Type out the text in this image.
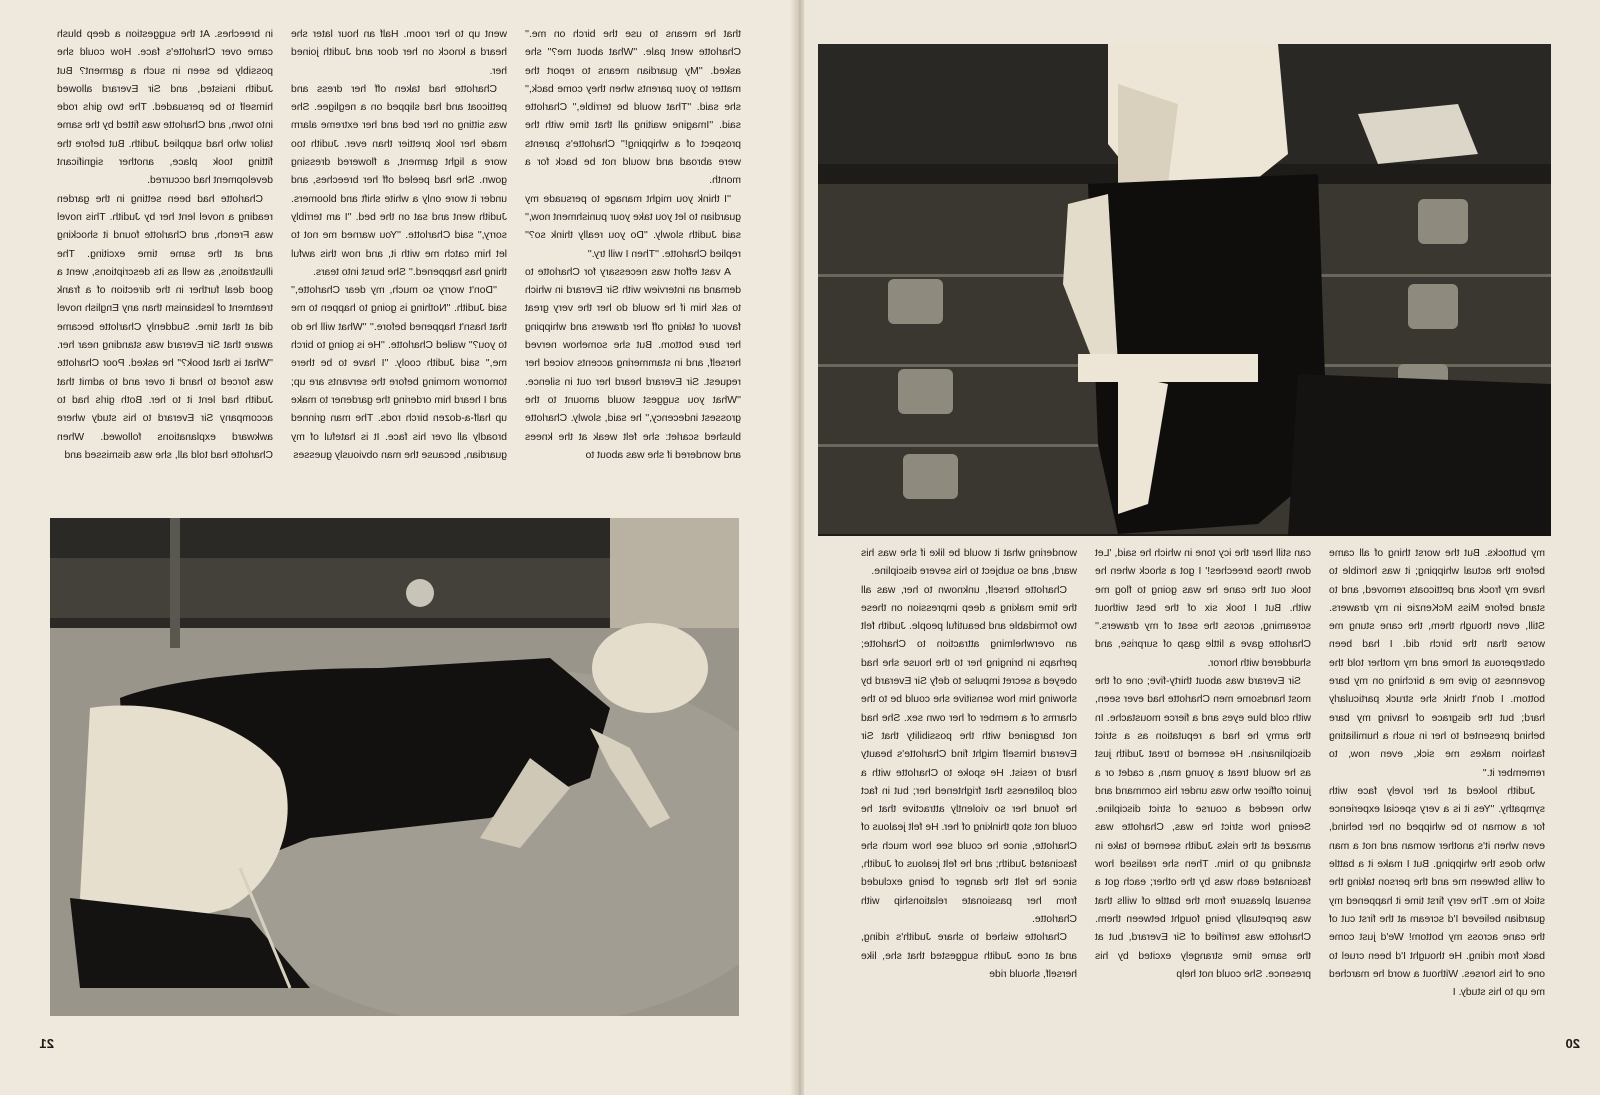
that he means to use the birch on me.'' Charlotte went pale. ''What about me?'' she asked. ''My guardian means to report the matter to your parents when they come back,'' she said. ''That would be terrible,'' Charlotte said. ''Imagine waiting all that time with the prospect of a whipping!'' Charlotte's parents were abroad and would not be back for a month.

''I think you might manage to persuade my guardian to let you take your punishment now,'' said Judith slowly. ''Do you really think so?'' replied Charlotte. ''Then I will try.''

A vast effort was necessary for Charlotte to demand an interview with Sir Everard in which to ask him if he would do her the very great favour of taking off her drawers and whipping her bare bottom. But she somehow nerved herself, and in stammering accents voiced her request. Sir Everard heard her out in silence. ''What you suggest would amount to the grossest indecency,'' he said, slowly. Charlotte blushed scarlet: she felt weak at the knees and wondered if she was about to

went up to her room. Half an hour later she heard a knock on her door and Judith joined her.

Charlotte had taken off her dress and petticoat and had slipped on a negligee. She was sitting on her bed and her extreme alarm made her look prettier than ever. Judith too wore a light garment, a flowered dressing gown. She had peeled off her breeches, and under it wore only a white shift and bloomers. Judith went and sat on the bed. ''I am terribly sorry,'' said Charlotte. ''You warned me not to let him catch me with it, and now this awful thing has happened.'' She burst into tears.

''Don't worry so much, my dear Charlotte,'' said Judith. ''Nothing is going to happen to me that hasn't happened before.'' ''What will he do to you?'' wailed Charlotte. ''He is going to birch me,'' said Judith cooly. ''I have to be there tomorrow morning before the servants are up; and I heard him ordering the gardener to make up half-a-dozen birch rods. The man grinned broadly all over his face. It is hateful of my guardian, because the man obviously guesses

in breeches. At the suggestion a deep blush came over Charlotte's face. How could she possibly be seen in such a garment? But Judith insisted, and Sir Everard allowed himself to be persuaded. The two girls rode into town, and Charlotte was fitted by the same tailor who had supplied Judith. But before the fitting took place, another significant development had occurred.

Charlotte had been setting in the garden reading a novel lent her by Judith. This novel was French, and Charlotte found it shocking and at the same time exciting. The illustrations, as well as its descriptions, went a good deal further in the direction of a frank treatment of lesbianism than any English novel did at that time. Suddenly Charlotte became aware that Sir Everard was standing near her. ''What is that book?'' he asked. Poor Charlotte was forced to hand it over and to admit that Judith had lent it to her. Both girls had to accompany Sir Everard to his study where awkward explanations followed. When Charlotte had told all, she was dismissed and

21

my buttocks. But the worst thing of all came before the actual whipping; it was horrible to have my frock and petticoats removed, and to stand before Miss McKenzie in my drawers. Still, even though them, the cane stung me worse than the birch did. I had been obstreperous at home and my mother told the govenness to give me a birching on my bare bottom. I don't think she struck particularly hard; but the disgrace of having my bare behind presented to her in such a humiliating fashion makes me sick, even now, to remember it.''

Judith looked at her lovely face with sympathy. ''Yes it is a very special experience for a woman to be whipped on her behind, even when it's another woman and not a man who does the whipping. But I make it a battle of wills between me and the person taking the stick to me. The very first time it happened my guardian believed I'd scream at the first cut of the cane across my bottom! We'd just come back from riding. He thought I'd been cruel to one of his horses. Without a word he marched me up to his study. I

can still hear the icy tone in which he said, 'Let down those breeches!' I got a shock when he took out the cane he was going to flog me with. But I took six of the best without screaming, across the seat of my drawers.'' Charlotte gave a little gasp of surprise, and shuddered with horror.

Sir Everard was about thirty-five; one of the most handsome men Charlotte had ever seen, with cold blue eyes and a fierce moustache. In the army he had a reputation as a strict disciplinarian. He seemed to treat Judith just as he would treat a young man, a cadet or a junior officer who was under his command and who needed a course of strict discipline. Seeing how strict he was, Charlotte was amazed at the risks Judith seemed to take in standing up to him. Then she realised how fascinated each was by the other; each got a sensual pleasure from the battle of wills that was perpetually being fought between them. Charlotte was terrified of Sir Everard, but at the same time strangely excited by his presence. She could not help

wondering what it would be like if she was his ward, and so subject to his severe discipline.

Charlotte herself, unknown to her, was all the time making a deep impression on these two formidable and beautiful people. Judith felt an overwhelming attraction to Charlotte; perhaps in bringing her to the house she had obeyed a secret impulse to defy Sir Everard by showing him how sensitive she could be to the charms of a member of her own sex. She had not bargained with the possibility that Sir Everard himself might find Charlotte's beauty hard to resist. He spoke to Charlotte with a cold politeness that frightened her; but in fact he found her so violently attractive that he could not stop thinking of her. He felt jealous of Charlotte, since he could see how much she fascinated Judith; and he felt jealous of Judith, since he felt the danger of being excluded from her passionate relationship with Charlotte.

Charlotte wished to share Judith's riding, and at once Judith suggested that she, like herself, should ride

20
